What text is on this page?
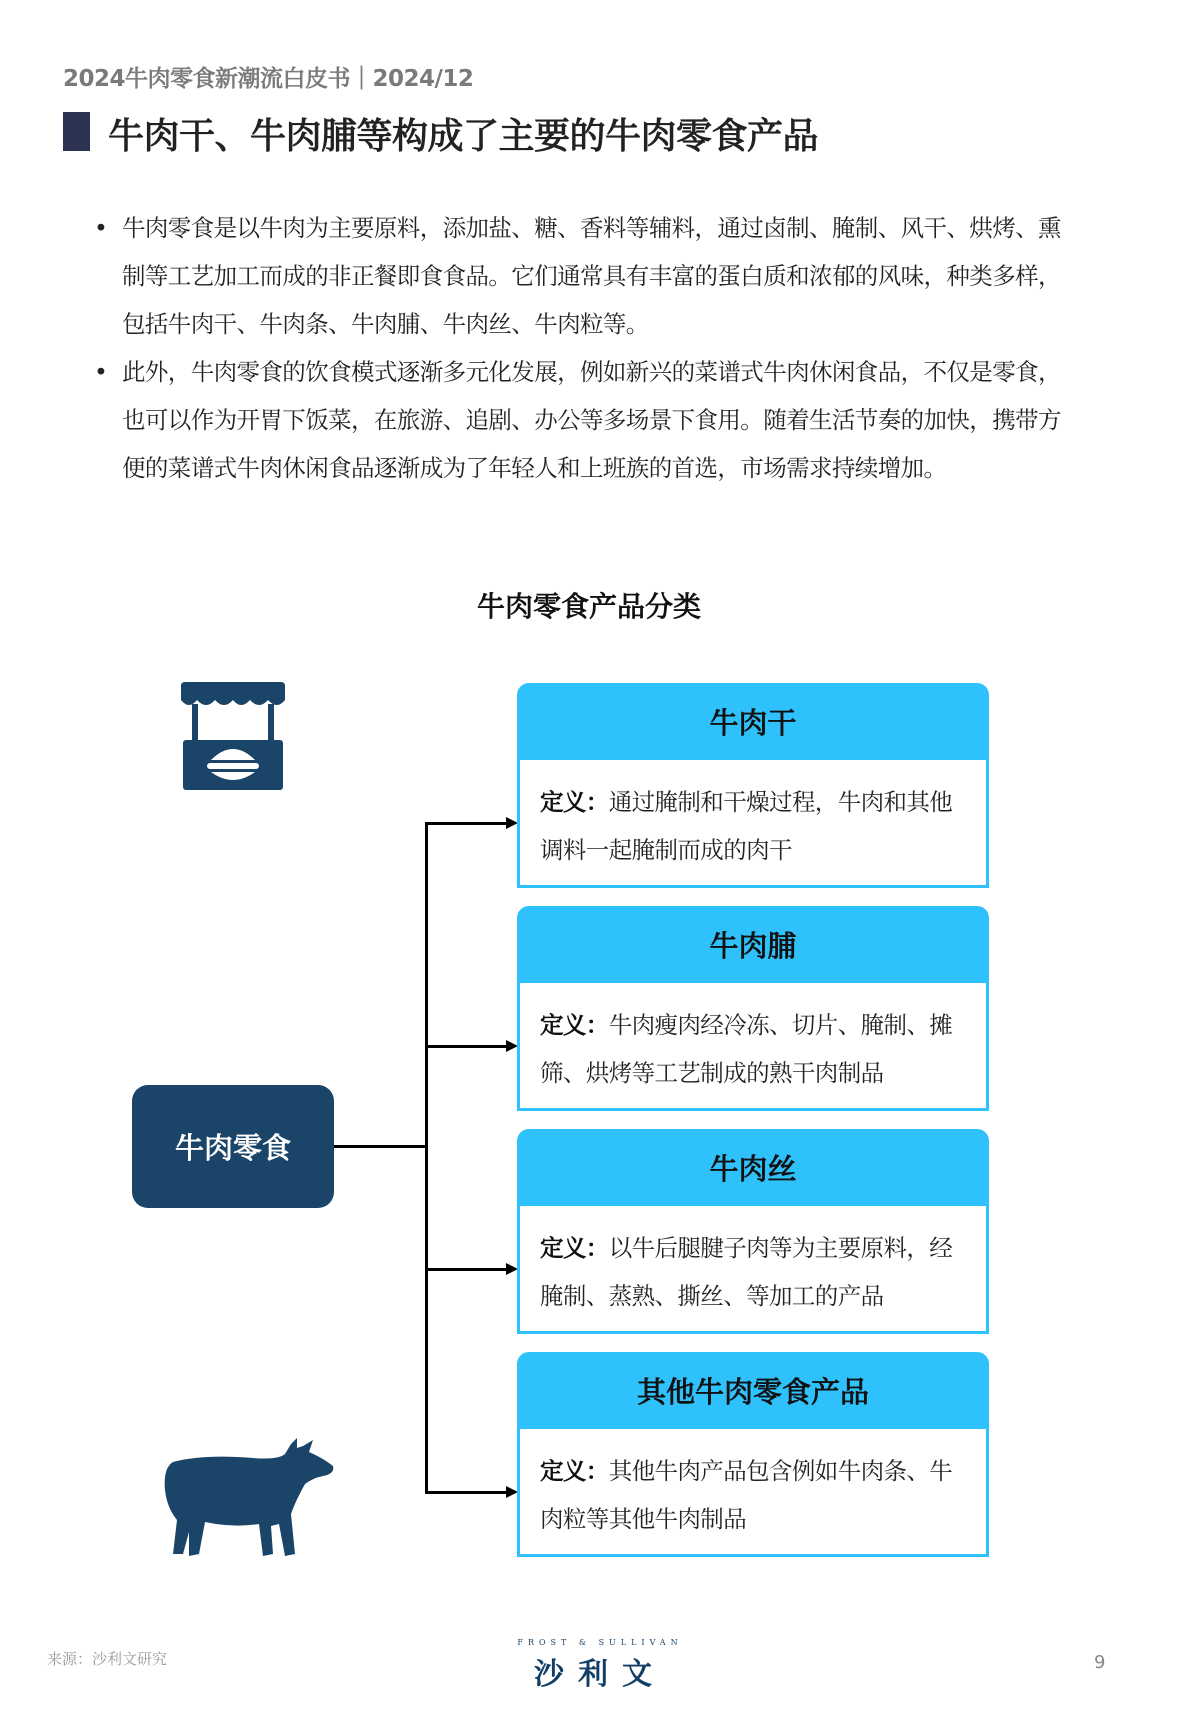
2024牛肉零食新潮流白皮书｜2024/12
牛肉干、牛肉脯等构成了主要的牛肉零食产品
• 牛肉零食是以牛肉为主要原料，添加盐、糖、香料等辅料，通过卤制、腌制、风干、烘烤、熏制等工艺加工而成的非正餐即食食品。它们通常具有丰富的蛋白质和浓郁的风味，种类多样，包括牛肉干、牛肉条、牛肉脯、牛肉丝、牛肉粒等。
• 此外，牛肉零食的饮食模式逐渐多元化发展，例如新兴的菜谱式牛肉休闲食品，不仅是零食，也可以作为开胃下饭菜，在旅游、追剧、办公等多场景下食用。随着生活节奏的加快，携带方便的菜谱式牛肉休闲食品逐渐成为了年轻人和上班族的首选，市场需求持续增加。
牛肉零食产品分类
牛肉零食
牛肉干
定义：通过腌制和干燥过程，牛肉和其他调料一起腌制而成的肉干
牛肉脯
定义：牛肉瘦肉经冷冻、切片、腌制、摊筛、烘烤等工艺制成的熟干肉制品
牛肉丝
定义：以牛后腿腱子肉等为主要原料，经腌制、蒸熟、撕丝、等加工的产品
其他牛肉零食产品
定义：其他牛肉产品包含例如牛肉条、牛肉粒等其他牛肉制品
来源：沙利文研究
FROST & SULLIVAN
沙利文	9
